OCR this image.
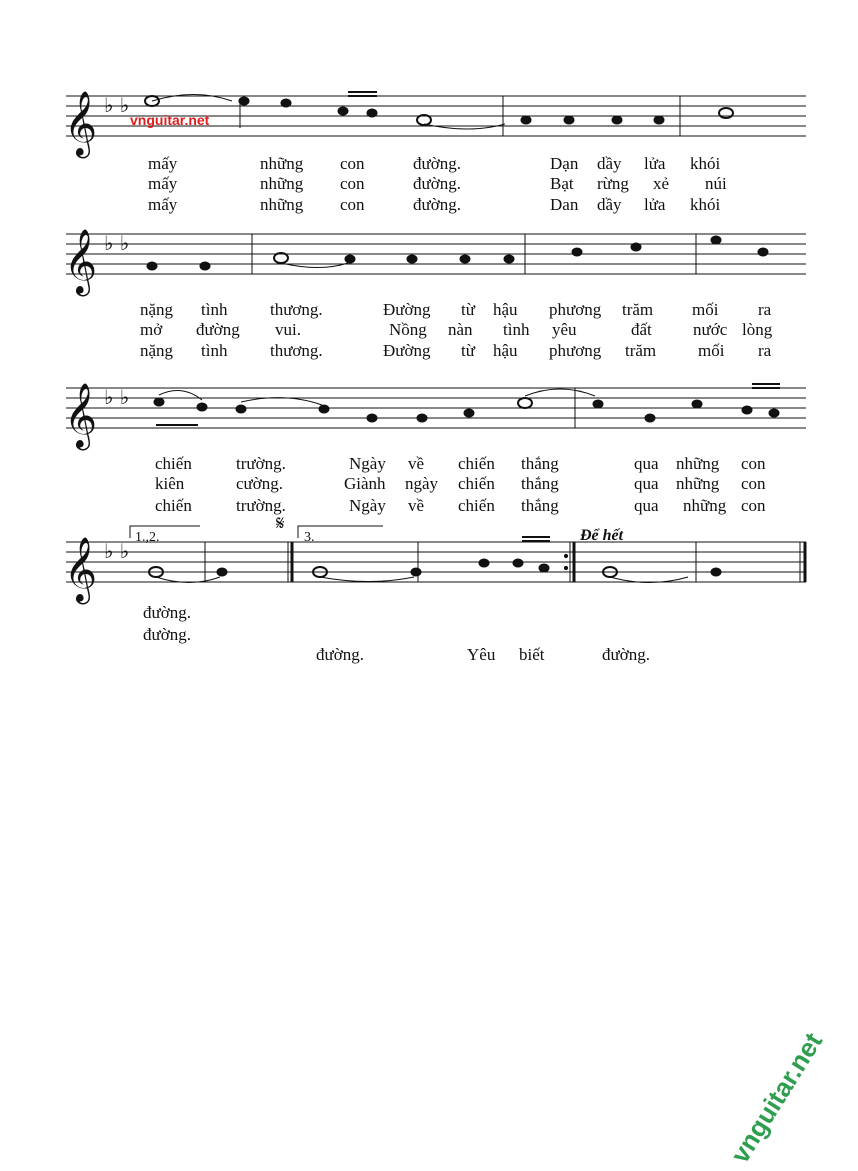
𝄞 ♭ ♭
vnguitar.net
mấy	những con	đường.	Dạn dầy lửa khói
mấy	những con	đường.	Bạt rừng xẻ núi
mấy	những con	đường.	Dan dầy lửa khói
𝄞 ♭ ♭
nặng tình	thương.	Đường từ hậu phương trăm mối ra
mở đường vui.	Nồng nàn tình yêu	đất nước lòng
nặng tình	thương.	Đường từ hậu phương trăm mối ra
𝄞 ♭ ♭
chiến	trường.	Ngày về chiến thắng	qua những con
kiên	cường.	Giành ngày chiến thắng	qua những con
chiến	trường.	Ngày về chiến thắng	qua những con
1.,2.	3.
𝄋
Để hết
𝄞 ♭ ♭
đường.
đường.
đường.	Yêu biết	đường.
vnguitar.net
